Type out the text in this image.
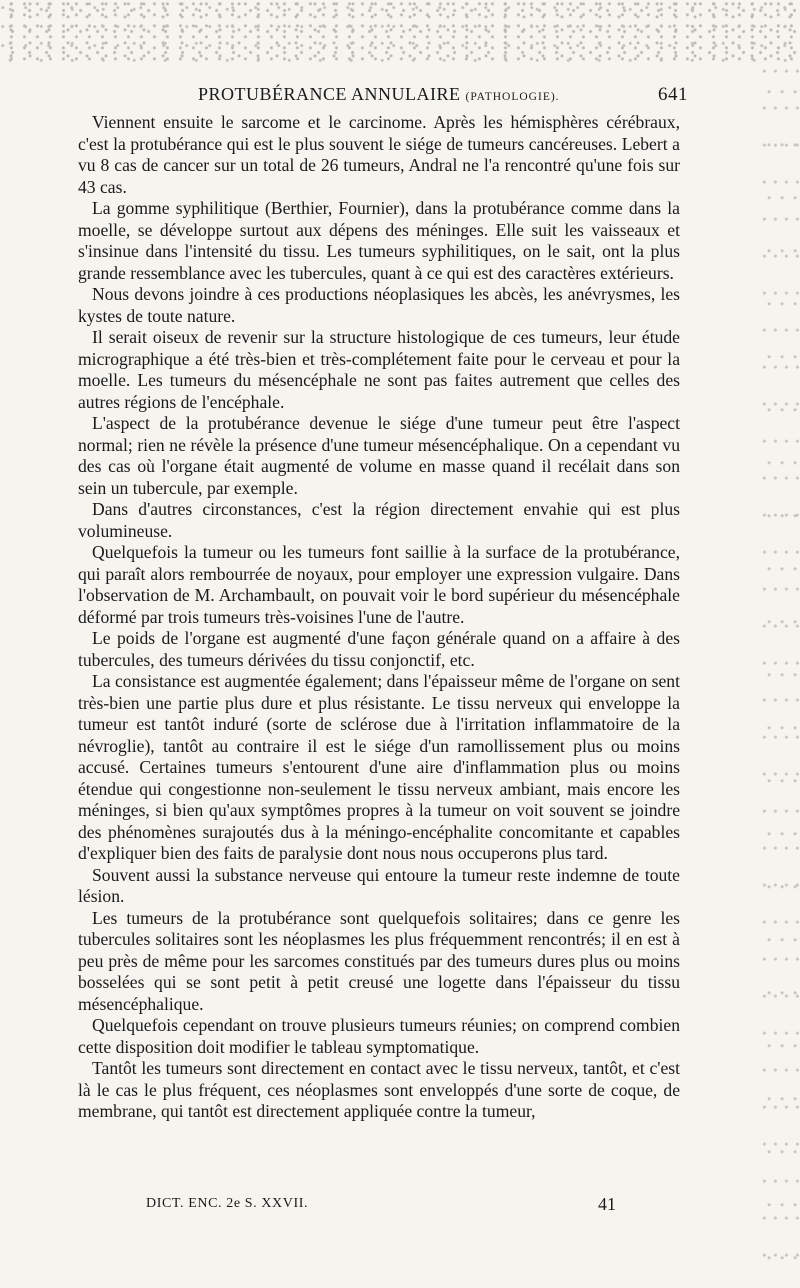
PROTUBÉRANCE ANNULAIRE (PATHOLOGIE).	641

Viennent ensuite le sarcome et le carcinome. Après les hémisphères cérébraux, c'est la protubérance qui est le plus souvent le siége de tumeurs cancéreuses. Lebert a vu 8 cas de cancer sur un total de 26 tumeurs, Andral ne l'a rencontré qu'une fois sur 43 cas.

La gomme syphilitique (Berthier, Fournier), dans la protubérance comme dans la moelle, se développe surtout aux dépens des méninges. Elle suit les vaisseaux et s'insinue dans l'intensité du tissu. Les tumeurs syphilitiques, on le sait, ont la plus grande ressemblance avec les tubercules, quant à ce qui est des caractères extérieurs.

Nous devons joindre à ces productions néoplasiques les abcès, les anévrysmes, les kystes de toute nature.

Il serait oiseux de revenir sur la structure histologique de ces tumeurs, leur étude micrographique a été très-bien et très-complétement faite pour le cerveau et pour la moelle. Les tumeurs du mésencéphale ne sont pas faites autrement que celles des autres régions de l'encéphale.

L'aspect de la protubérance devenue le siége d'une tumeur peut être l'aspect normal; rien ne révèle la présence d'une tumeur mésencéphalique. On a cependant vu des cas où l'organe était augmenté de volume en masse quand il recélait dans son sein un tubercule, par exemple.

Dans d'autres circonstances, c'est la région directement envahie qui est plus volumineuse.

Quelquefois la tumeur ou les tumeurs font saillie à la surface de la protubérance, qui paraît alors rembourrée de noyaux, pour employer une expression vulgaire. Dans l'observation de M. Archambault, on pouvait voir le bord supérieur du mésencéphale déformé par trois tumeurs très-voisines l'une de l'autre.

Le poids de l'organe est augmenté d'une façon générale quand on a affaire à des tubercules, des tumeurs dérivées du tissu conjonctif, etc.

La consistance est augmentée également; dans l'épaisseur même de l'organe on sent très-bien une partie plus dure et plus résistante. Le tissu nerveux qui enveloppe la tumeur est tantôt induré (sorte de sclérose due à l'irritation inflammatoire de la névroglie), tantôt au contraire il est le siége d'un ramollissement plus ou moins accusé. Certaines tumeurs s'entourent d'une aire d'inflammation plus ou moins étendue qui congestionne non-seulement le tissu nerveux ambiant, mais encore les méninges, si bien qu'aux symptômes propres à la tumeur on voit souvent se joindre des phénomènes surajoutés dus à la méningo-encéphalite concomitante et capables d'expliquer bien des faits de paralysie dont nous nous occuperons plus tard.

Souvent aussi la substance nerveuse qui entoure la tumeur reste indemne de toute lésion.

Les tumeurs de la protubérance sont quelquefois solitaires; dans ce genre les tubercules solitaires sont les néoplasmes les plus fréquemment rencontrés; il en est à peu près de même pour les sarcomes constitués par des tumeurs dures plus ou moins bosselées qui se sont petit à petit creusé une logette dans l'épaisseur du tissu mésencéphalique.

Quelquefois cependant on trouve plusieurs tumeurs réunies; on comprend combien cette disposition doit modifier le tableau symptomatique.

Tantôt les tumeurs sont directement en contact avec le tissu nerveux, tantôt, et c'est là le cas le plus fréquent, ces néoplasmes sont enveloppés d'une sorte de coque, de membrane, qui tantôt est directement appliquée contre la tumeur,

DICT. ENC. 2e S. XXVII.	41
